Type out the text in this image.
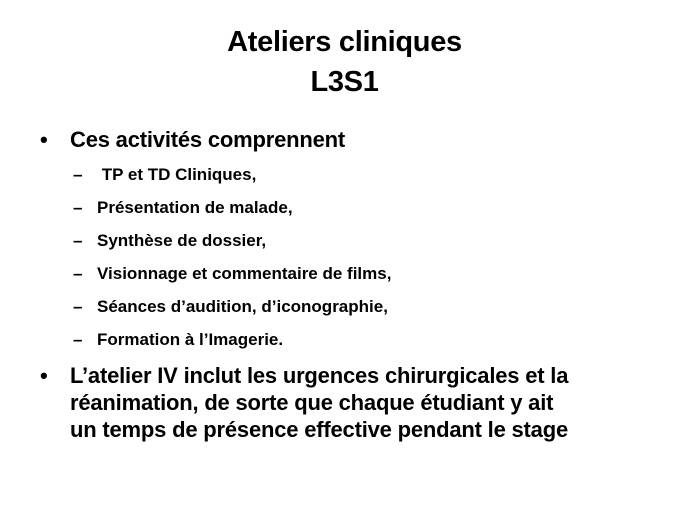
Ateliers cliniques
L3S1
• Ces activités comprennent
– TP et TD Cliniques,
– Présentation de malade,
– Synthèse de dossier,
– Visionnage et commentaire de films,
– Séances d’audition, d’iconographie,
– Formation à l’Imagerie.
• L’atelier IV inclut les urgences chirurgicales et la
réanimation, de sorte que chaque étudiant y ait
un temps de présence effective pendant le stage
